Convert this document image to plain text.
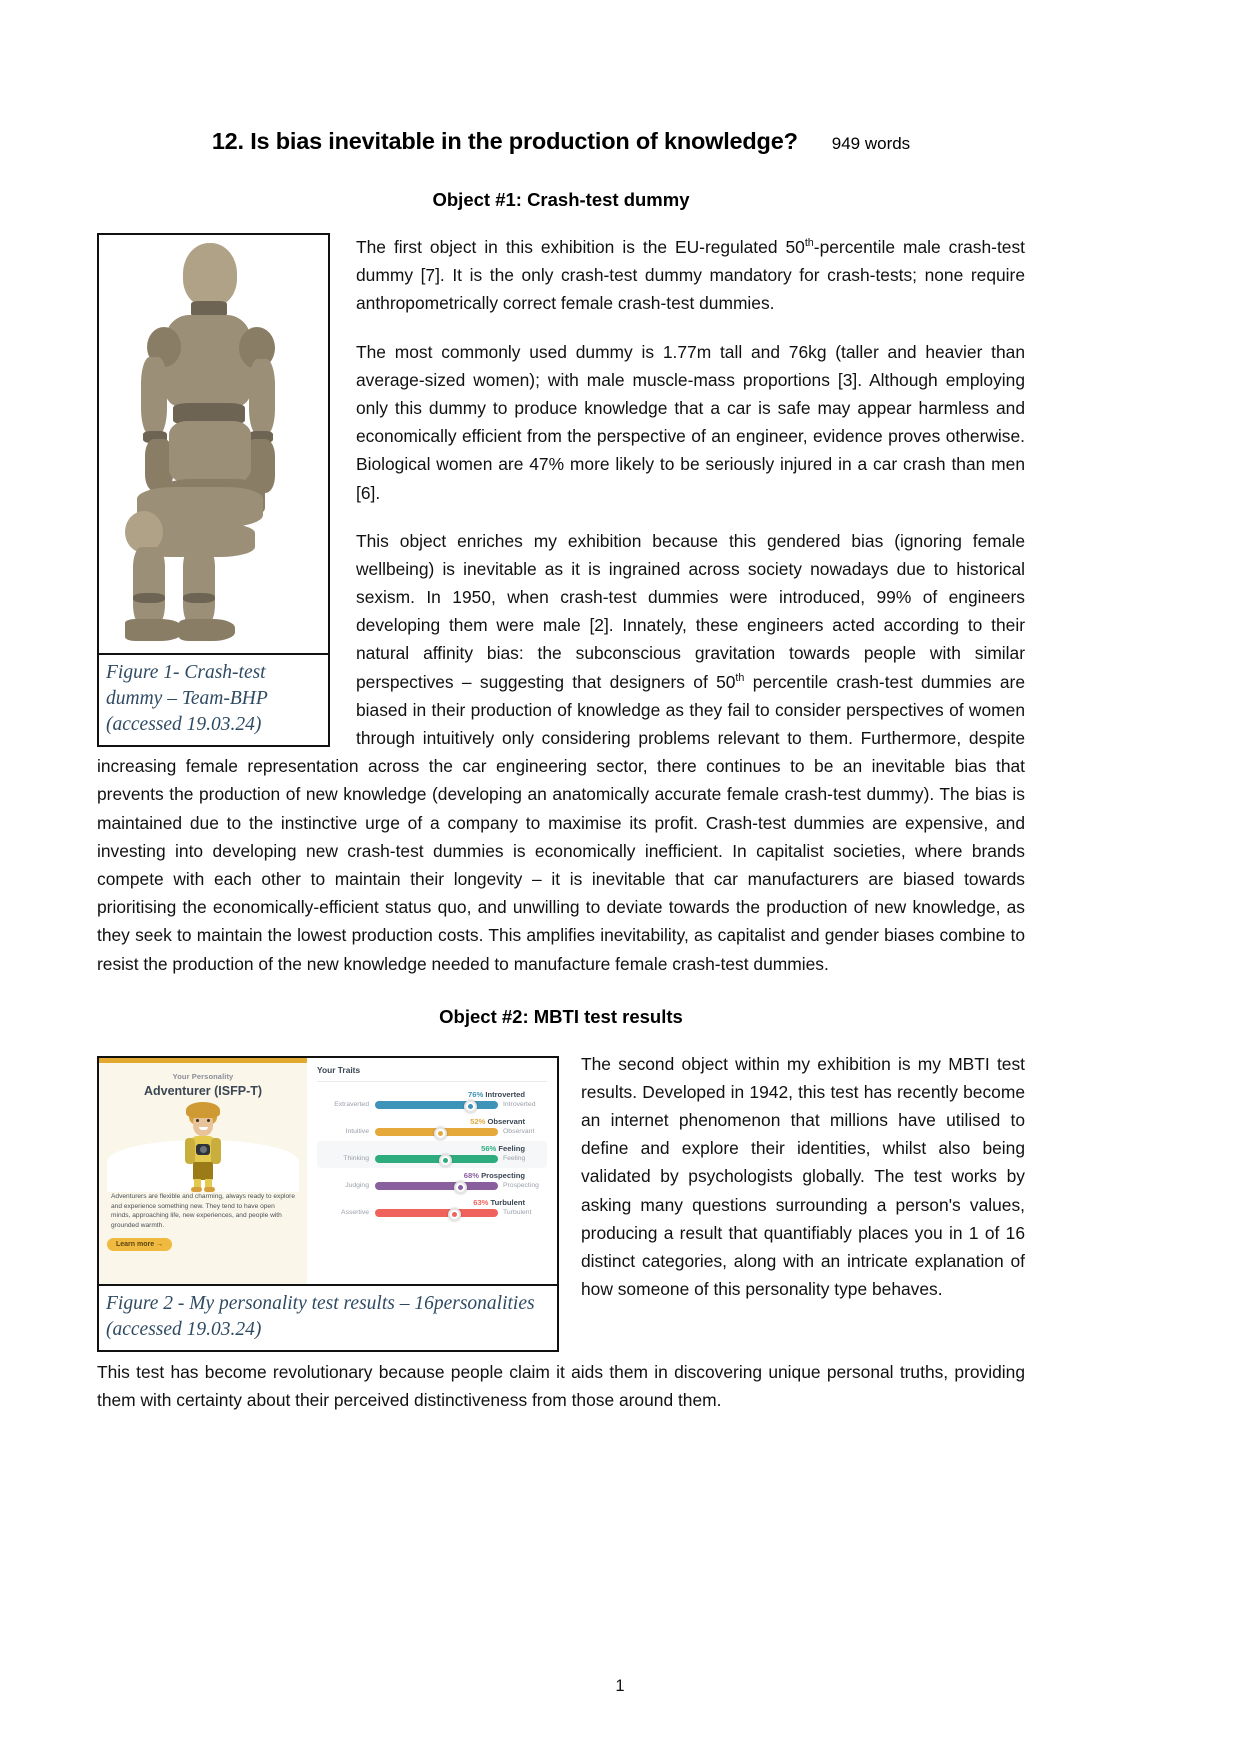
12. Is bias inevitable in the production of knowledge? 949 words
Object #1: Crash-test dummy
Figure 1- Crash-test dummy – Team-BHP (accessed 19.03.24)

The first object in this exhibition is the EU-regulated 50th-percentile male crash-test dummy [7]. It is the only crash-test dummy mandatory for crash-tests; none require anthropometrically correct female crash-test dummies.

The most commonly used dummy is 1.77m tall and 76kg (taller and heavier than average-sized women); with male muscle-mass proportions [3]. Although employing only this dummy to produce knowledge that a car is safe may appear harmless and economically efficient from the perspective of an engineer, evidence proves otherwise. Biological women are 47% more likely to be seriously injured in a car crash than men [6].

This object enriches my exhibition because this gendered bias (ignoring female wellbeing) is inevitable as it is ingrained across society nowadays due to historical sexism. In 1950, when crash-test dummies were introduced, 99% of engineers developing them were male [2]. Innately, these engineers acted according to their natural affinity bias: the subconscious gravitation towards people with similar perspectives – suggesting that designers of 50th percentile crash-test dummies are biased in their production of knowledge as they fail to consider perspectives of women through intuitively only considering problems relevant to them. Furthermore, despite increasing female representation across the car engineering sector, there continues to be an inevitable bias that prevents the production of new knowledge (developing an anatomically accurate female crash-test dummy). The bias is maintained due to the instinctive urge of a company to maximise its profit. Crash-test dummies are expensive, and investing into developing new crash-test dummies is economically inefficient. In capitalist societies, where brands compete with each other to maintain their longevity – it is inevitable that car manufacturers are biased towards prioritising the economically-efficient status quo, and unwilling to deviate towards the production of new knowledge, as they seek to maintain the lowest production costs. This amplifies inevitability, as capitalist and gender biases combine to resist the production of the new knowledge needed to manufacture female crash-test dummies.

Object #2: MBTI test results
Your Personality
Adventurer (ISFP-T)
Adventurers are flexible and charming, always ready to explore and experience something new. They tend to have open minds, approaching life, new experiences, and people with grounded warmth.
Learn more →
Your Traits
76% Introverted
Extraverted	Introverted
52% Observant
Intuitive	Observant
56% Feeling
Thinking	Feeling
68% Prospecting
Judging	Prospecting
63% Turbulent
Assertive	Turbulent
Figure 2 - My personality test results – 16personalities (accessed 19.03.24)

The second object within my exhibition is my MBTI test results. Developed in 1942, this test has recently become an internet phenomenon that millions have utilised to define and explore their identities, whilst also being validated by psychologists globally. The test works by asking many questions surrounding a person's values, producing a result that quantifiably places you in 1 of 16 distinct categories, along with an intricate explanation of how someone of this personality type behaves.

This test has become revolutionary because people claim it aids them in discovering unique personal truths, providing them with certainty about their perceived distinctiveness from those around them.

1
